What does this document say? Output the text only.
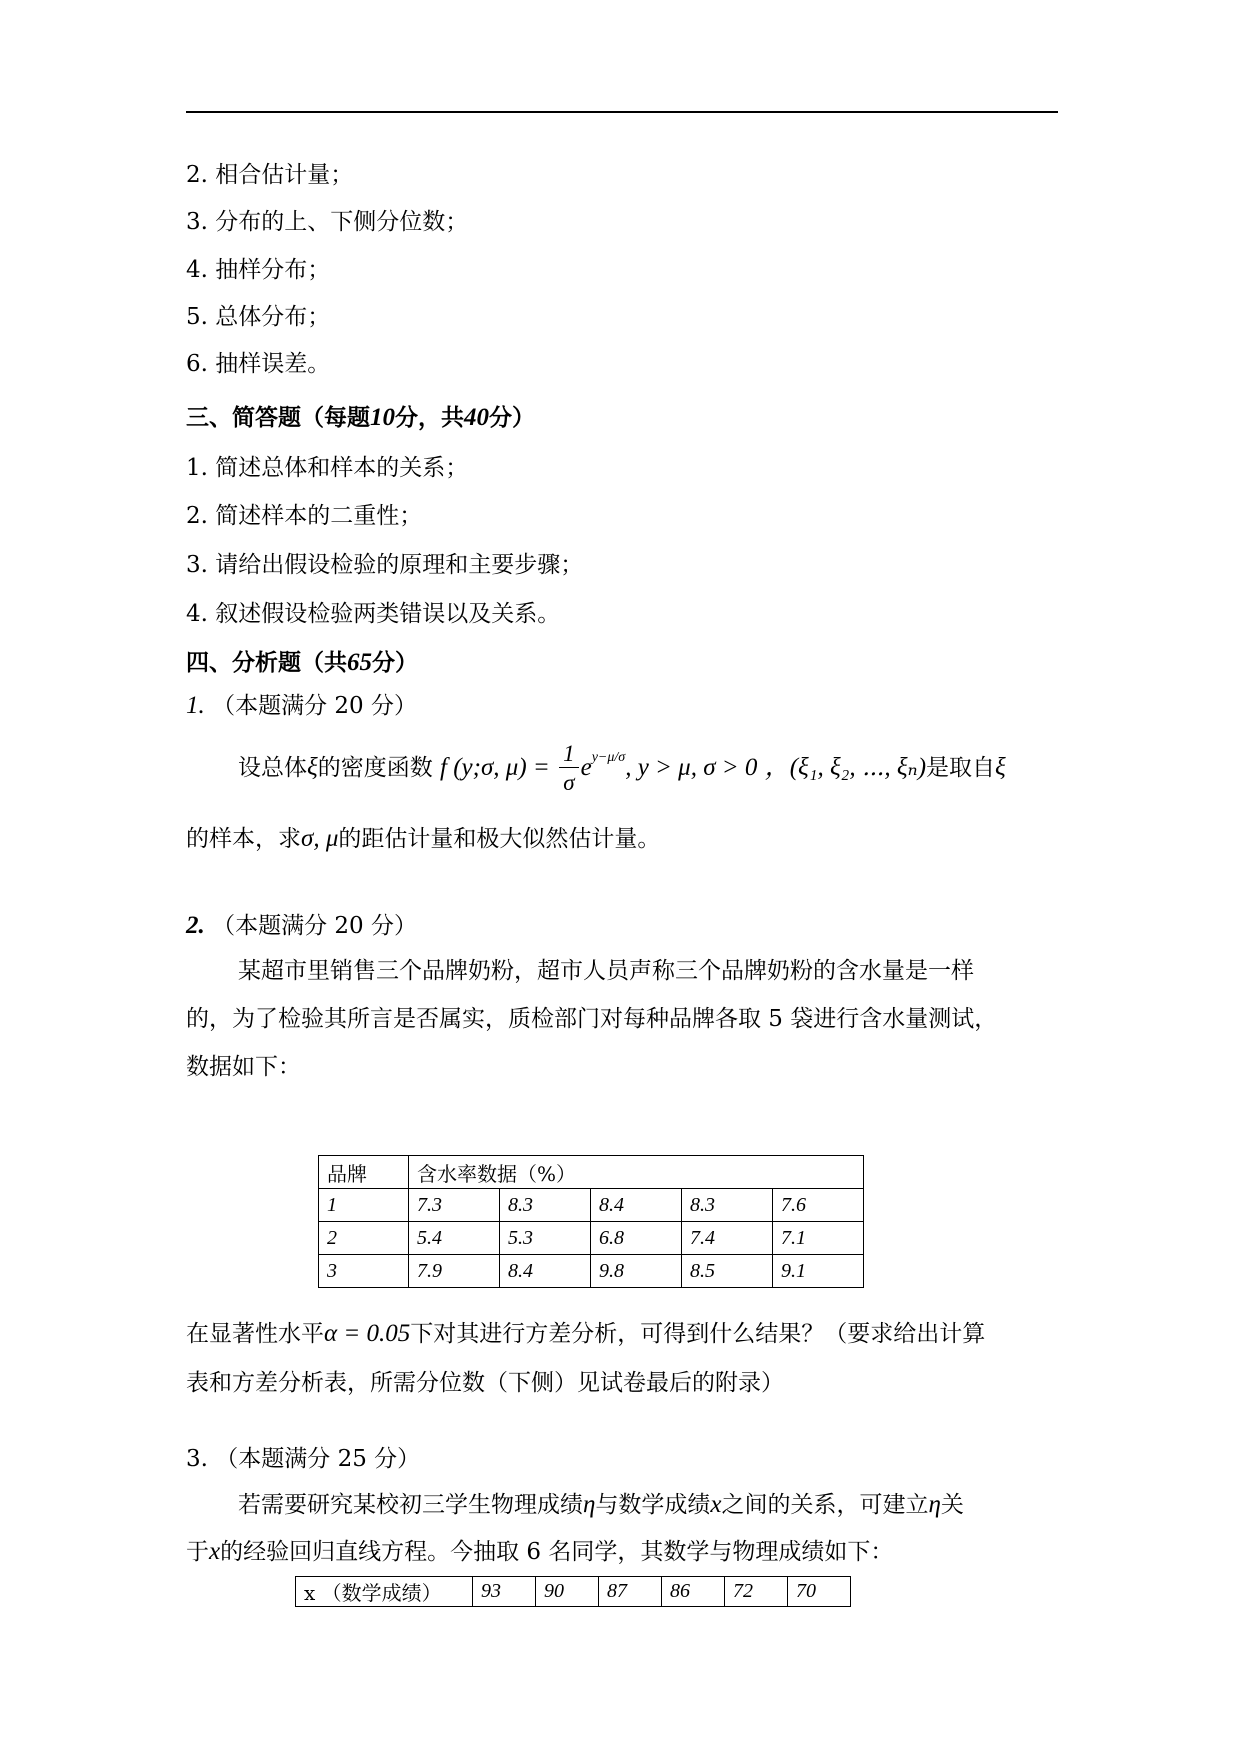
2. 相合估计量；
3. 分布的上、下侧分位数；
4. 抽样分布；
5. 总体分布；
6. 抽样误差。
三、简答题（每题10分，共40分）
1. 简述总体和样本的关系；
2. 简述样本的二重性；
3. 请给出假设检验的原理和主要步骤；
4. 叙述假设检验两类错误以及关系。
四、分析题（共65分）
1. （本题满分 20 分）
设总体ξ的密度函数 f (y;σ, $\mu) = \frac{1}{\sigma} e^{y-\mu/\sigma}$, y > μ, σ > 0 ，(ξ₁, ξ₂, ⋯, ξₙ)是取自ξ
的样本，求σ, μ的距估计量和极大似然估计量。
2. （本题满分 20 分）
某超市里销售三个品牌奶粉，超市人员声称三个品牌奶粉的含水量是一样
的，为了检验其所言是否属实，质检部门对每种品牌各取 5 袋进行含水量测试，
数据如下：
品牌	含水率数据（%）				
1	7.3	8.3	8.4	8.3	7.6
2	5.4	5.3	6.8	7.4	7.1
3	7.9	8.4	9.8	8.5	9.1
在显著性水平α = 0.05下对其进行方差分析，可得到什么结果？（要求给出计算
表和方差分析表，所需分位数（下侧）见试卷最后的附录）
3. （本题满分 25 分）
若需要研究某校初三学生物理成绩η与数学成绩x之间的关系，可建立η关
于x的经验回归直线方程。今抽取 6 名同学，其数学与物理成绩如下：
x （数学成绩）	93	90	87	86	72	70
